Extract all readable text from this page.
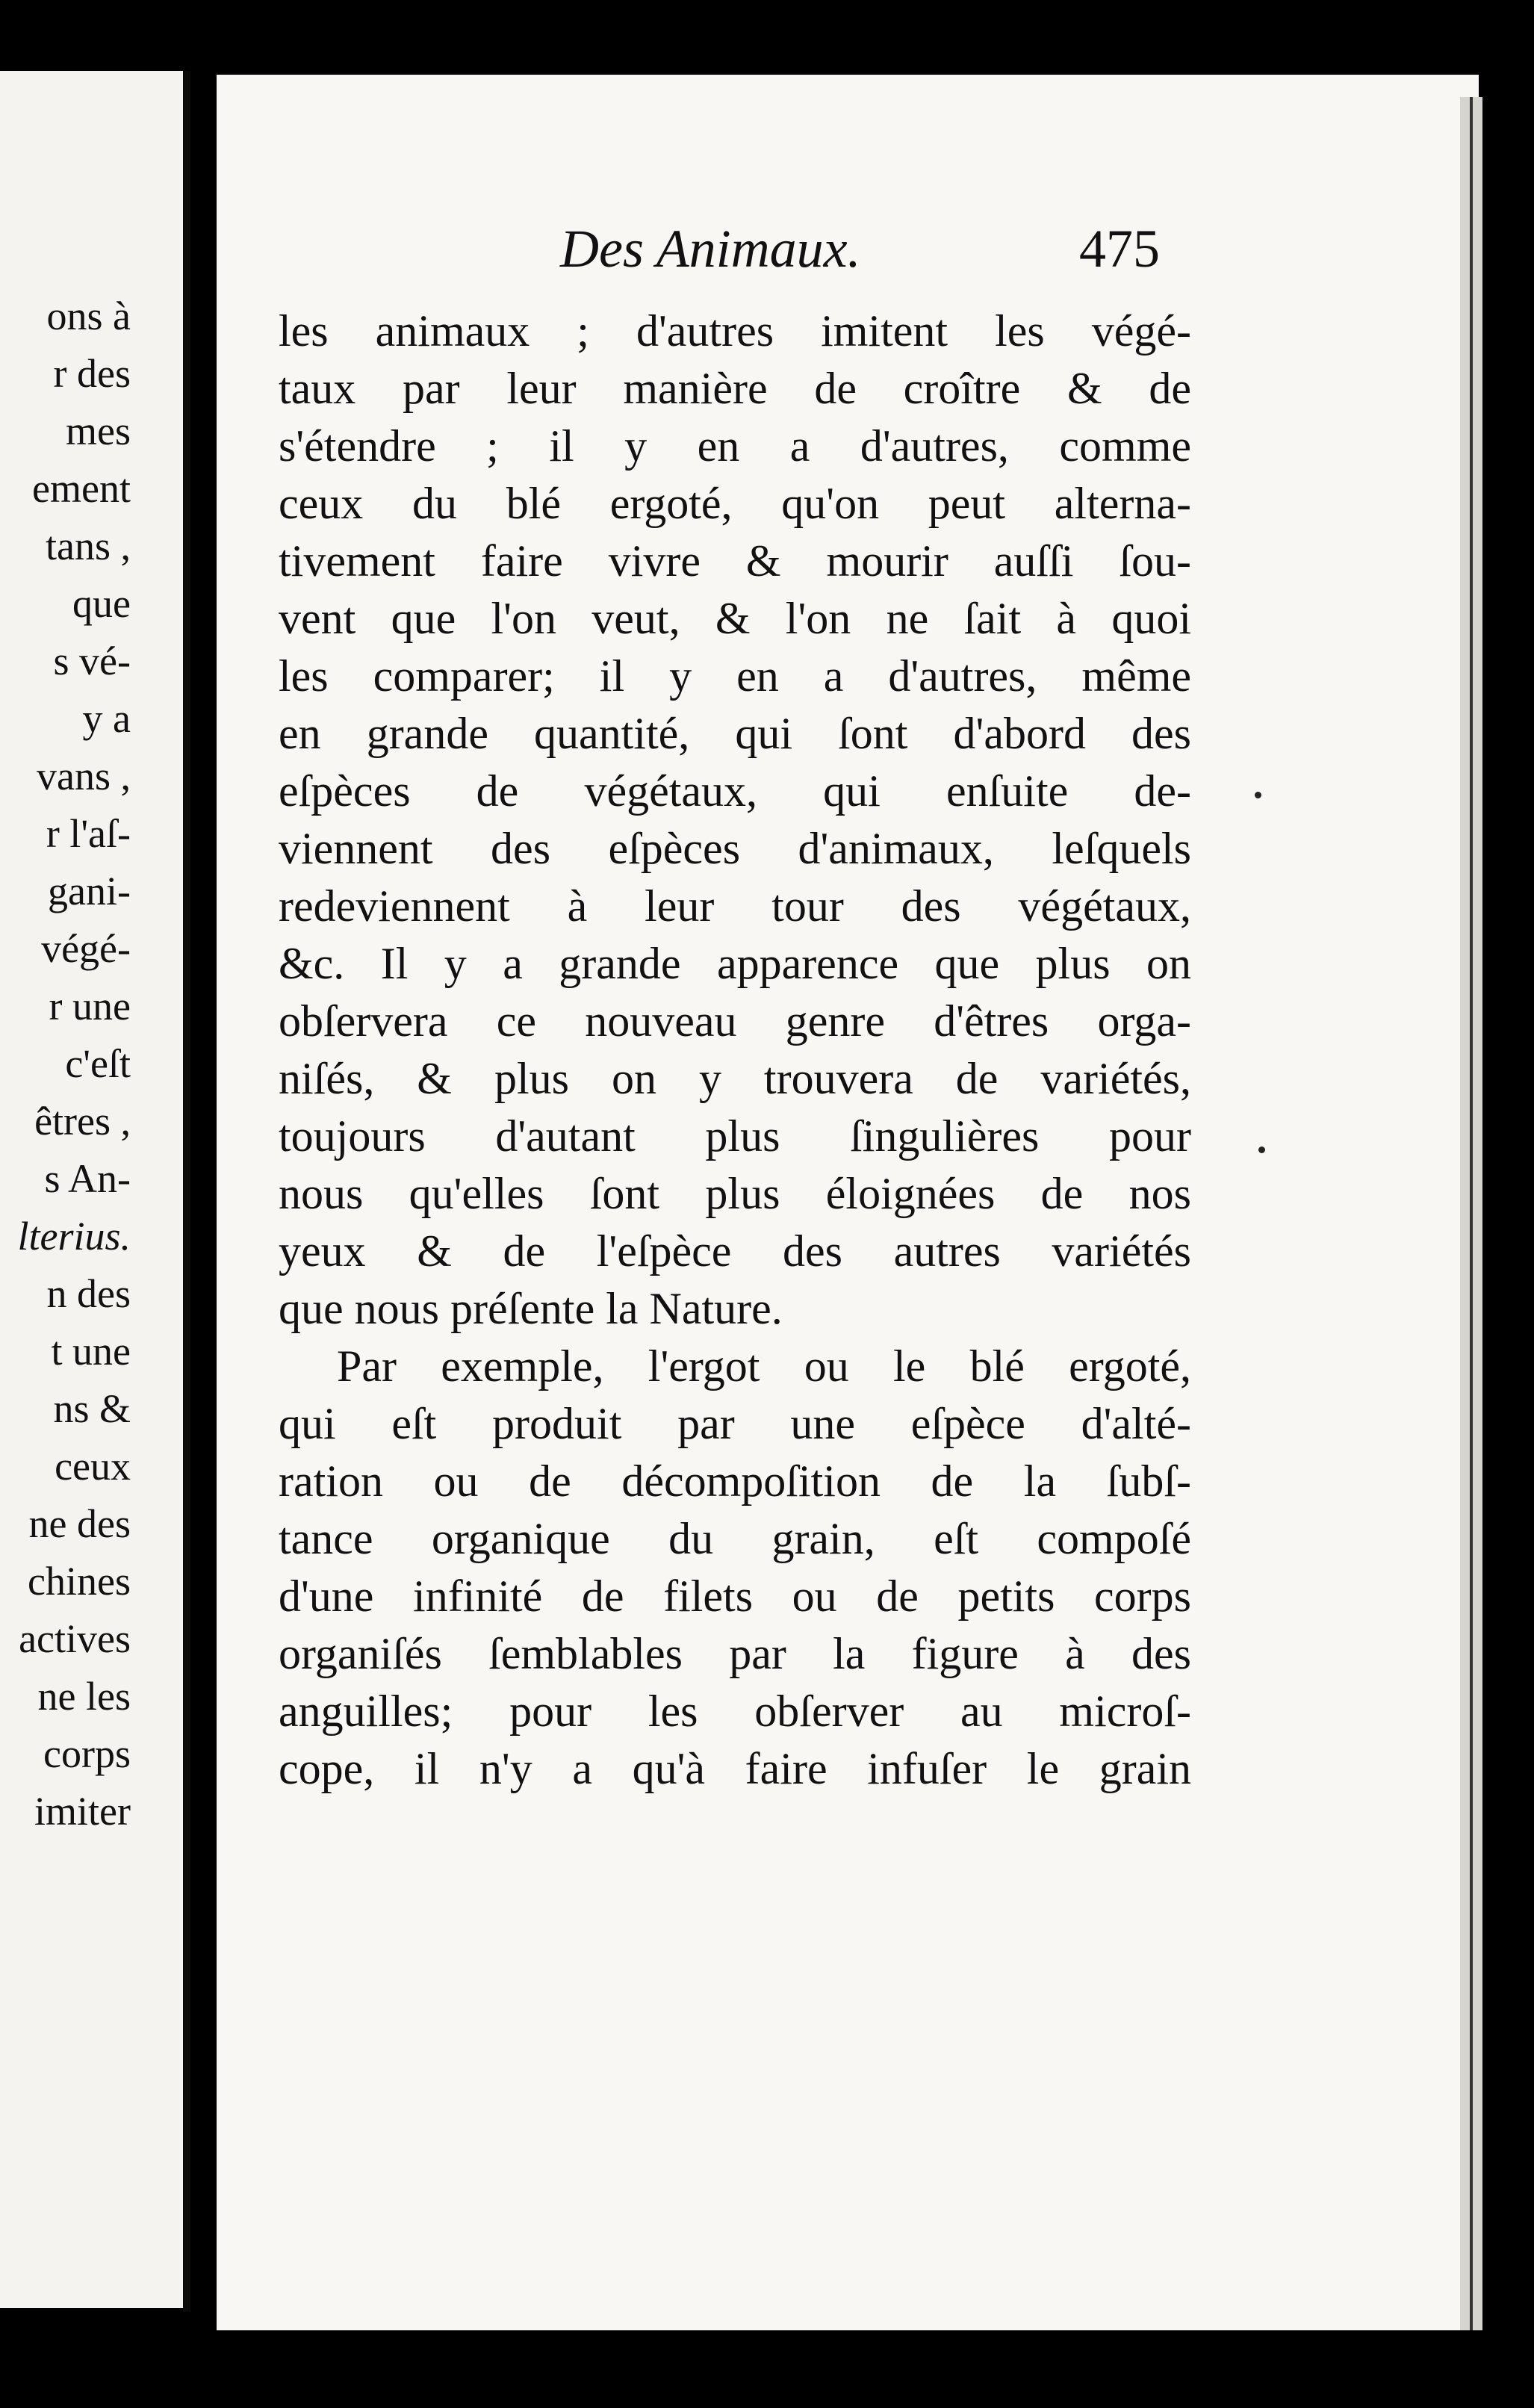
ons à
r des
mes
ement
tans ,
que
s vé-
y a
vans ,
r l'aſ-
gani-
végé-
r une
c'eſt
êtres ,
s An-
lterius.
n des
t une
ns &
ceux
ne des
chines
actives
ne les
corps
imiter
Des Animaux.	475
les animaux ; d'autres imitent les végé-
taux par leur manière de croître & de
s'étendre ; il y en a d'autres, comme
ceux du blé ergoté, qu'on peut alterna-
tivement faire vivre & mourir auſſi ſou-
vent que l'on veut, & l'on ne ſait à quoi
les comparer; il y en a d'autres, même
en grande quantité, qui ſont d'abord des
eſpèces de végétaux, qui enſuite de-
viennent des eſpèces d'animaux, leſquels
redeviennent à leur tour des végétaux,
&c. Il y a grande apparence que plus on
obſervera ce nouveau genre d'êtres orga-
niſés, & plus on y trouvera de variétés,
toujours d'autant plus ſingulières pour
nous qu'elles ſont plus éloignées de nos
yeux & de l'eſpèce des autres variétés
que nous préſente la Nature.
Par exemple, l'ergot ou le blé ergoté,
qui eſt produit par une eſpèce d'alté-
ration ou de décompoſition de la ſubſ-
tance organique du grain, eſt compoſé
d'une infinité de filets ou de petits corps
organiſés ſemblables par la figure à des
anguilles; pour les obſerver au microſ-
cope, il n'y a qu'à faire infuſer le grain
